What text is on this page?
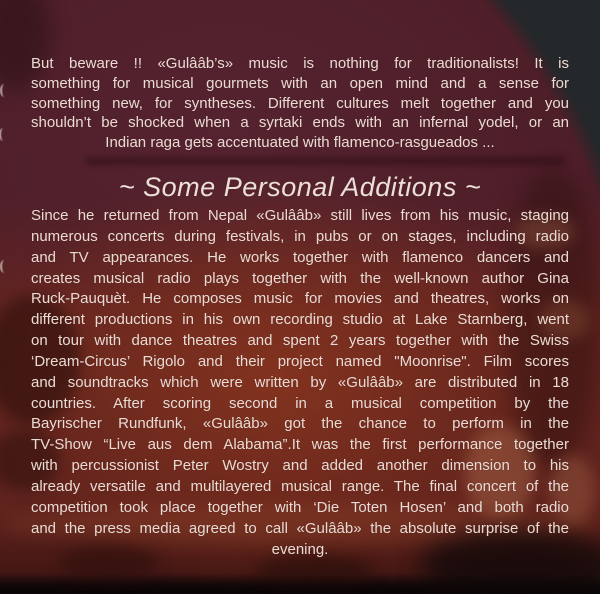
But beware !! «Gulââb’s» music is nothing for traditionalists! It is
something for musical gourmets with an open mind and a sense for
something new, for syntheses. Different cultures melt together and you
shouldn’t be shocked when a syrtaki ends with an infernal yodel, or an
Indian raga gets accentuated with flamenco-rasgueados ...
~ Some Personal Additions ~
Since he returned from Nepal «Gulââb» still lives from his music, staging
numerous concerts during festivals, in pubs or on stages, including radio
and TV appearances. He works together with flamenco dancers and
creates musical radio plays together with the well-known author Gina
Ruck-Pauquèt. He composes music for movies and theatres, works on
different productions in his own recording studio at Lake Starnberg, went
on tour with dance theatres and spent 2 years together with the Swiss
‘Dream-Circus’ Rigolo and their project named "Moonrise". Film scores
and soundtracks which were written by «Gulââb» are distributed in 18
countries. After scoring second in a musical competition by the
Bayrischer Rundfunk, «Gulââb» got the chance to perform in the
TV-Show “Live aus dem Alabama”.It was the first performance together
with percussionist Peter Wostry and added another dimension to his
already versatile and multilayered musical range. The final concert of the
competition took place together with ‘Die Toten Hosen’ and both radio
and the press media agreed to call «Gulââb» the absolute surprise of the
evening.
